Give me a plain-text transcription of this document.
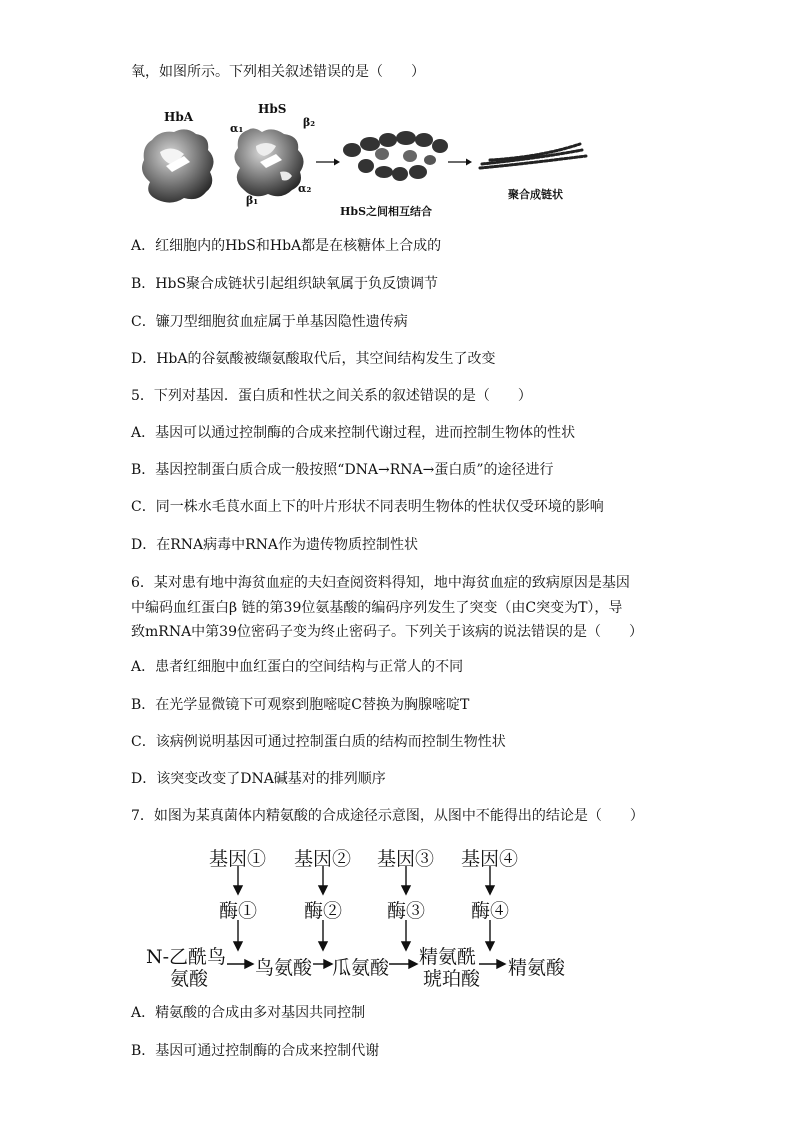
氧，如图所示。下列相关叙述错误的是（　　）
HbA
HbS
α₁	β₂
α₂
β₁
HbS之间相互结合
聚合成链状
A．红细胞内的HbS和HbA都是在核糖体上合成的
B．HbS聚合成链状引起组织缺氧属于负反馈调节
C．镰刀型细胞贫血症属于单基因隐性遗传病
D．HbA的谷氨酸被缬氨酸取代后，其空间结构发生了改变
5．下列对基因．蛋白质和性状之间关系的叙述错误的是（　　）
A．基因可以通过控制酶的合成来控制代谢过程，进而控制生物体的性状
B．基因控制蛋白质合成一般按照“DNA→RNA→蛋白质”的途径进行
C．同一株水毛茛水面上下的叶片形状不同表明生物体的性状仅受环境的影响
D．在RNA病毒中RNA作为遗传物质控制性状
6．某对患有地中海贫血症的夫妇查阅资料得知，地中海贫血症的致病原因是基因
中编码血红蛋白β 链的第39位氨基酸的编码序列发生了突变（由C突变为T），导
致mRNA中第39位密码子变为终止密码子。下列关于该病的说法错误的是（　　）
A．患者红细胞中血红蛋白的空间结构与正常人的不同
B．在光学显微镜下可观察到胞嘧啶C替换为胸腺嘧啶T
C．该病例说明基因可通过控制蛋白质的结构而控制生物性状
D．该突变改变了DNA碱基对的排列顺序
7．如图为某真菌体内精氨酸的合成途径示意图，从图中不能得出的结论是（　　）
基因① 基因② 基因③ 基因④
酶① 酶② 酶③ 酶④
N-乙酰鸟
氨酸 鸟氨酸 瓜氨酸 精氨酰
琥珀酸 精氨酸
A．精氨酸的合成由多对基因共同控制
B．基因可通过控制酶的合成来控制代谢
